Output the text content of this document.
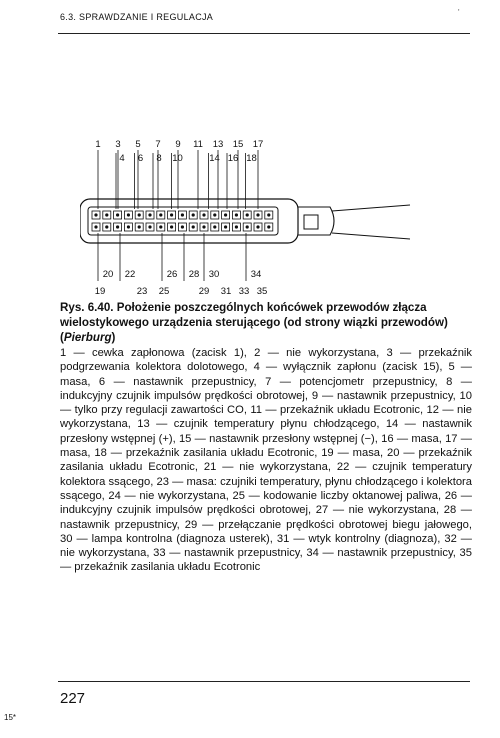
6.3. SPRAWDZANIE I REGULACJA	'
1 3 5 7 9 11 13 15 17
4 6 8 10	14 16 18
20 22	26 28 30	34
19	23 25	29 31 33 35
Rys. 6.40. Położenie poszczególnych końcówek przewodów złącza wielostykowego urządzenia sterującego (od strony wiązki przewodów) (Pierburg)
1 — cewka zapłonowa (zacisk 1), 2 — nie wykorzystana, 3 — przekaźnik podgrzewania kolektora dolotowego, 4 — wyłącznik zapłonu (zacisk 15), 5 — masa, 6 — nastawnik przepustnicy, 7 — potencjometr przepustnicy, 8 — indukcyjny czujnik impulsów prędkości obrotowej, 9 — nastawnik przepustnicy, 10 — tylko przy regulacji zawartości CO, 11 — przekaźnik układu Ecotronic, 12 — nie wykorzystana, 13 — czujnik temperatury płynu chłodzącego, 14 — nastawnik przesłony wstępnej (+), 15 — nastawnik przesłony wstępnej (−), 16 — masa, 17 — masa, 18 — przekaźnik zasilania układu Ecotronic, 19 — masa, 20 — przekaźnik zasilania układu Ecotronic, 21 — nie wykorzystana, 22 — czujnik temperatury kolektora ssącego, 23 — masa: czujniki temperatury, płynu chłodzącego i kolektora ssącego, 24 — nie wykorzystana, 25 — kodowanie liczby oktanowej paliwa, 26 — indukcyjny czujnik impulsów prędkości obrotowej, 27 — nie wykorzystana, 28 — nastawnik przepustnicy, 29 — przełączanie prędkości obrotowej biegu jałowego, 30 — lampa kontrolna (diagnoza usterek), 31 — wtyk kontrolny (diagnoza), 32 — nie wykorzystana, 33 — nastawnik przepustnicy, 34 — nastawnik przepustnicy, 35 — przekaźnik zasilania układu Ecotronic
227
15*
